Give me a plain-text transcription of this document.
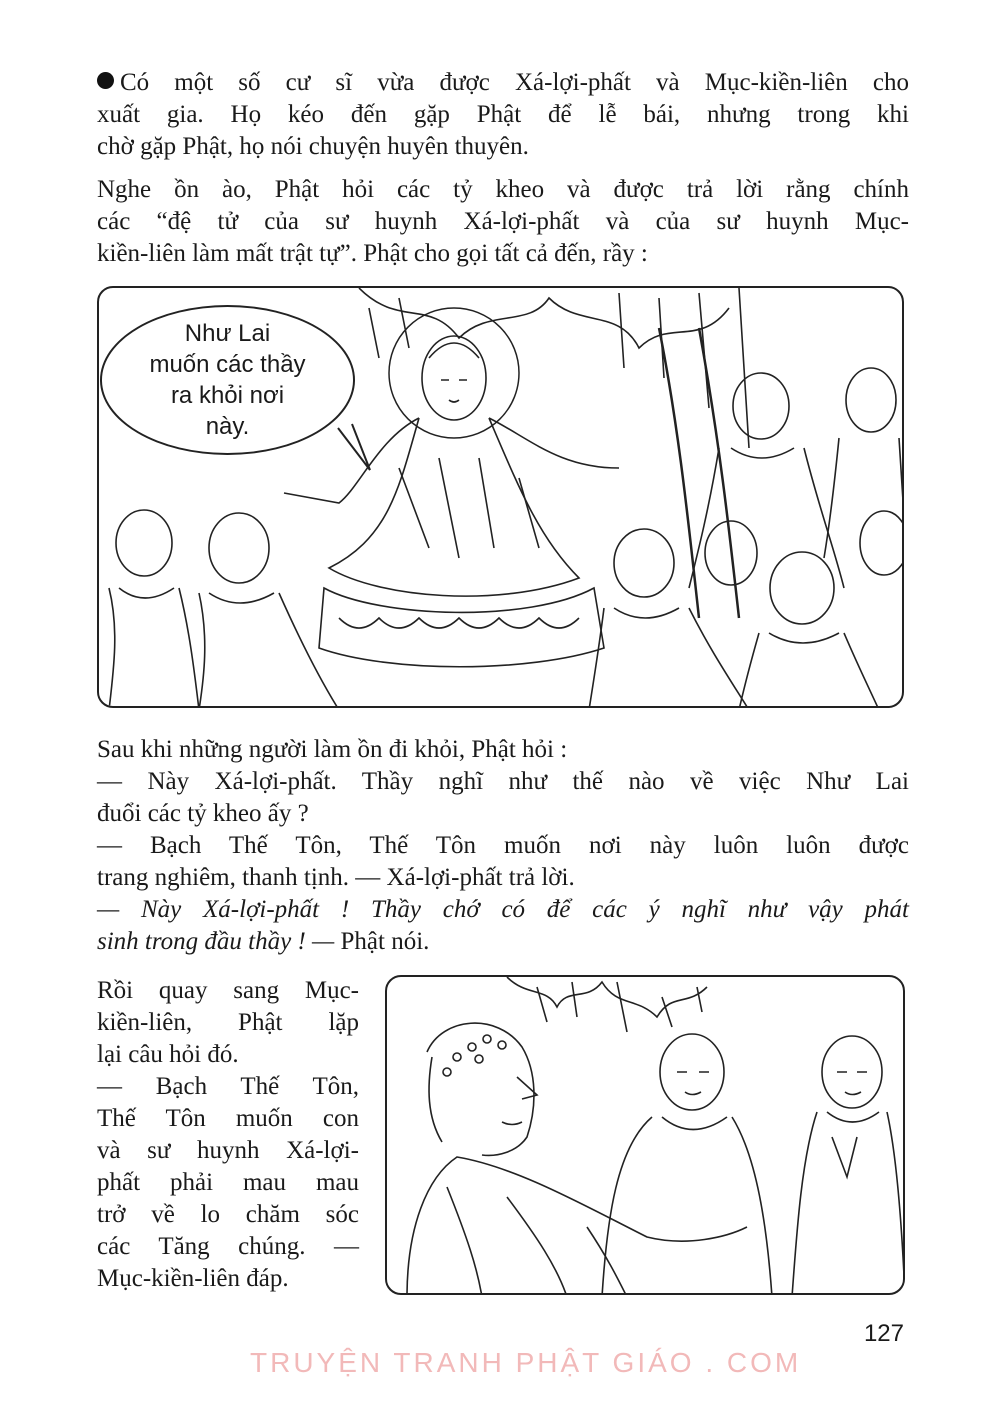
Có một số cư sĩ vừa được Xá-lợi-phất và Mục-kiền-liên cho
xuất gia. Họ kéo đến gặp Phật để lễ bái, nhưng trong khi
chờ gặp Phật, họ nói chuyện huyên thuyên.
Nghe ồn ào, Phật hỏi các tỷ kheo và được trả lời rằng chính
các “đệ tử của sư huynh Xá-lợi-phất và của sư huynh Mục-
kiền-liên làm mất trật tự”. Phật cho gọi tất cả đến, rầy :
Như Lai
muốn các thầy
ra khỏi nơi
này.
Sau khi những người làm ồn đi khỏi, Phật hỏi :
— Này Xá-lợi-phất. Thầy nghĩ như thế nào về việc Như Lai
đuổi các tỷ kheo ấy ?
— Bạch Thế Tôn, Thế Tôn muốn nơi này luôn luôn được
trang nghiêm, thanh tịnh. — Xá-lợi-phất trả lời.
— Này Xá-lợi-phất ! Thầy chớ có để các ý nghĩ như vậy phát
sinh trong đầu thầy ! — Phật nói.
Rồi quay sang Mục-
kiền-liên, Phật lặp
lại câu hỏi đó.
— Bạch Thế Tôn,
Thế Tôn muốn con
và sư huynh Xá-lợi-
phất phải mau mau
trở về lo chăm sóc
các Tăng chúng. —
Mục-kiền-liên đáp.
127
TRUYỆN TRANH PHẬT GIÁO . COM
